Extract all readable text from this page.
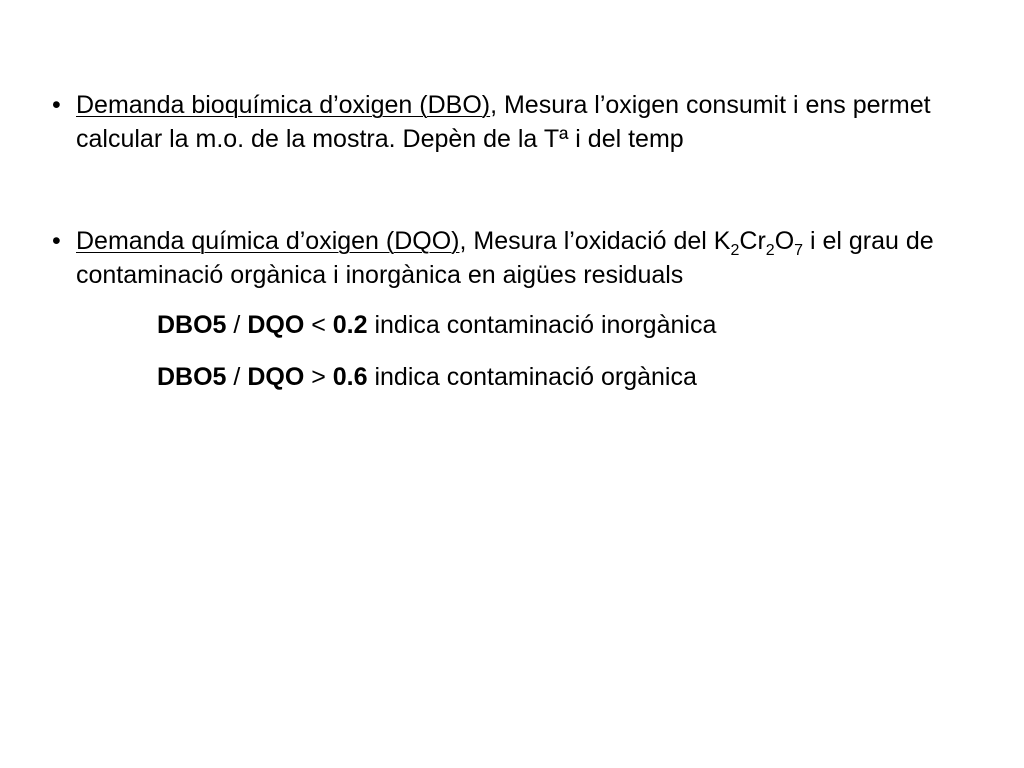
• Demanda bioquímica d’oxigen (DBO), Mesura l’oxigen consumit i ens permet calcular la m.o. de la mostra. Depèn de la Tª i del temp
• Demanda química d’oxigen (DQO), Mesura l’oxidació del $K_2Cr_2O_7$ i el grau de contaminació orgànica i inorgànica en aigües residuals
DBO5 / DQO < 0.2 indica contaminació inorgànica
DBO5 / DQO > 0.6 indica contaminació orgànica
